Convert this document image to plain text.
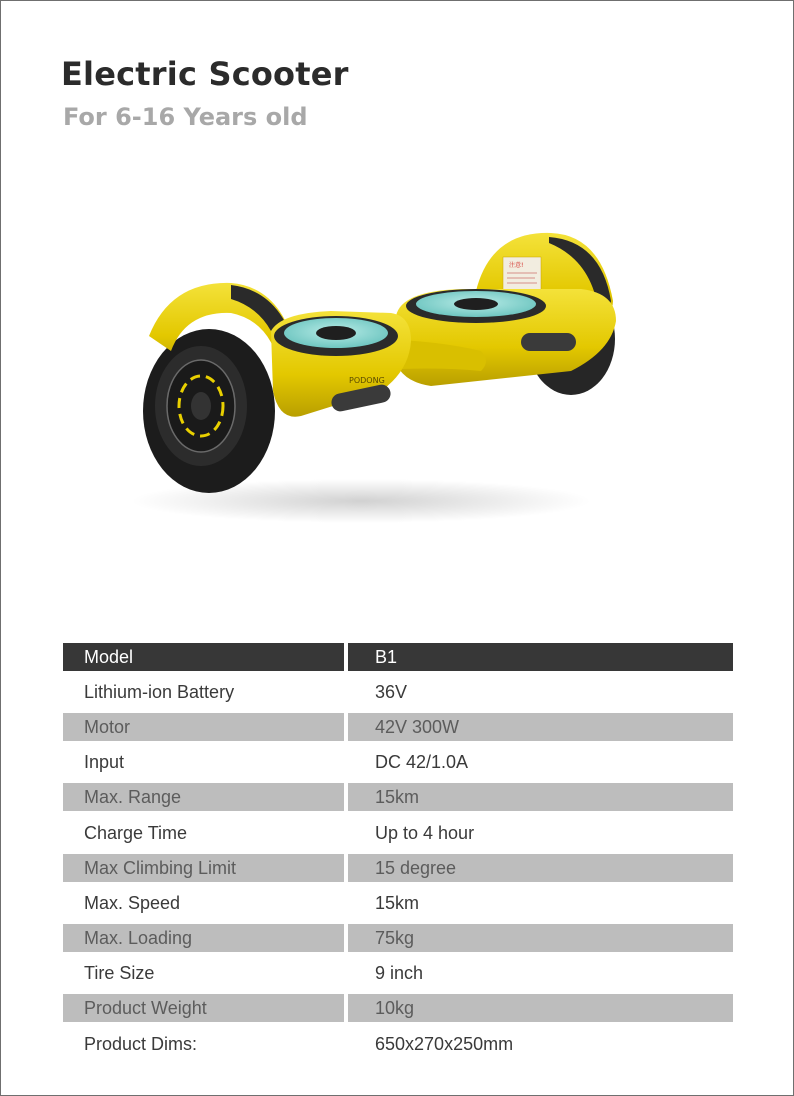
Electric Scooter
For 6-16 Years old
注意!
PODONG
Model	B1
Lithium-ion Battery	36V
Motor	42V 300W
Input	DC 42/1.0A
Max. Range	15km
Charge Time	Up to 4 hour
Max Climbing Limit	15 degree
Max. Speed	15km
Max. Loading	75kg
Tire Size	9 inch
Product Weight	10kg
Product Dims:	650x270x250mm
